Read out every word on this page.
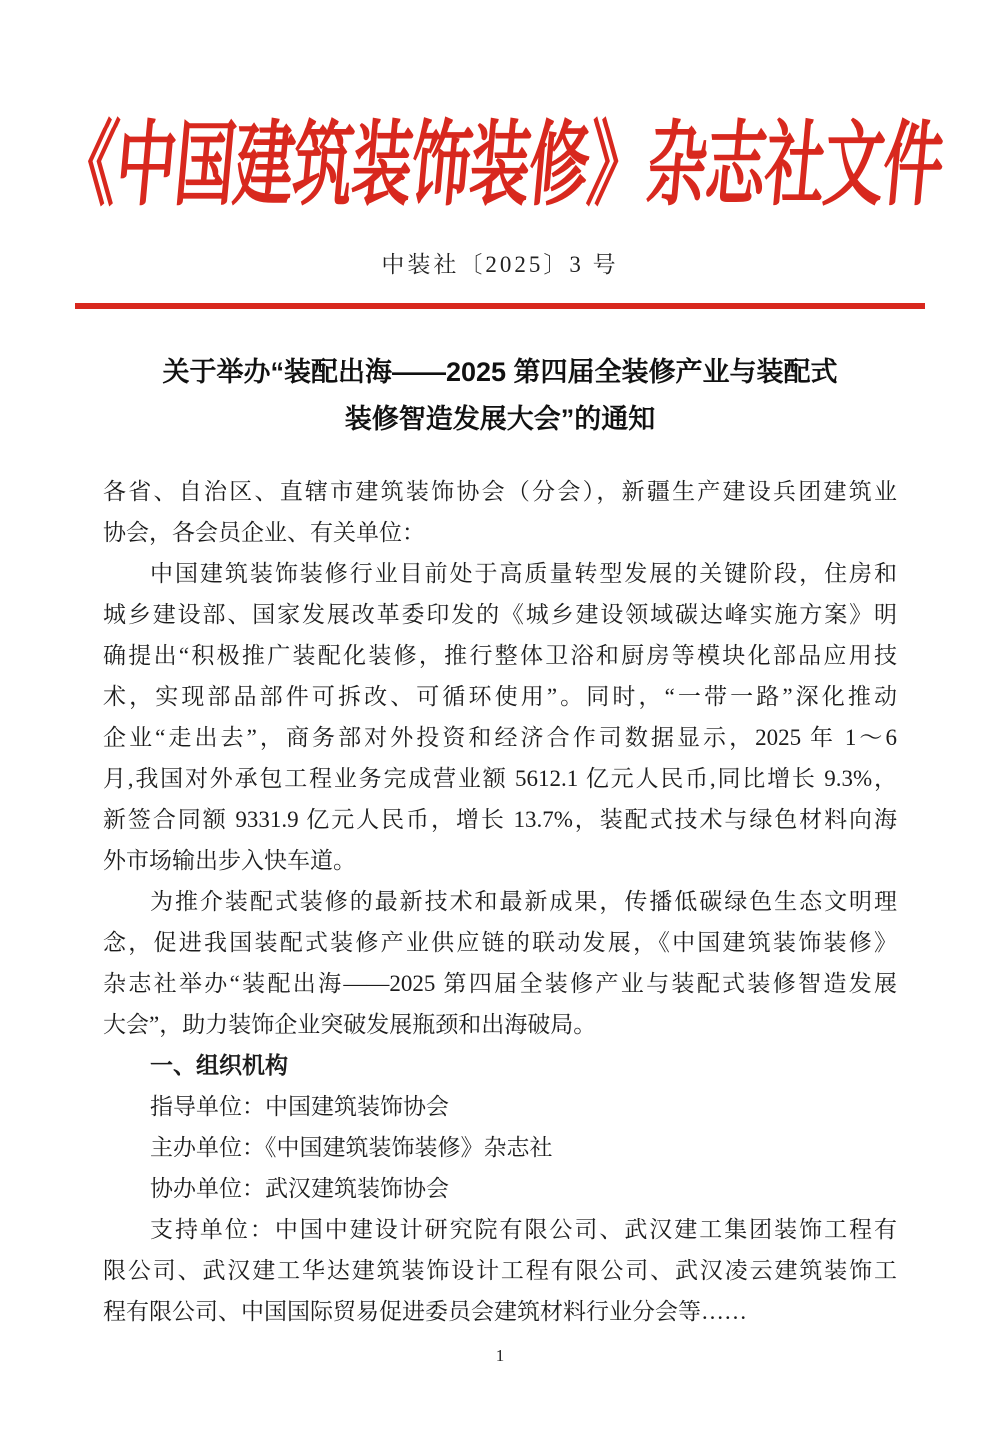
《中国建筑装饰装修》杂志社文件
中装社〔2025〕3 号
关于举办“装配出海——2025 第四届全装修产业与装配式
装修智造发展大会”的通知
各省、自治区、直辖市建筑装饰协会（分会），新疆生产建设兵团建筑业
协会，各会员企业、有关单位：
中国建筑装饰装修行业目前处于高质量转型发展的关键阶段，住房和
城乡建设部、国家发展改革委印发的《城乡建设领域碳达峰实施方案》明
确提出“积极推广装配化装修，推行整体卫浴和厨房等模块化部品应用技
术，实现部品部件可拆改、可循环使用”。同时，“一带一路”深化推动
企业“走出去”，商务部对外投资和经济合作司数据显示，2025 年 1～6
月,我国对外承包工程业务完成营业额 5612.1 亿元人民币,同比增长 9.3%，
新签合同额 9331.9 亿元人民币，增长 13.7%，装配式技术与绿色材料向海
外市场输出步入快车道。
为推介装配式装修的最新技术和最新成果，传播低碳绿色生态文明理
念，促进我国装配式装修产业供应链的联动发展，《中国建筑装饰装修》
杂志社举办“装配出海——2025 第四届全装修产业与装配式装修智造发展
大会”，助力装饰企业突破发展瓶颈和出海破局。
一、组织机构
指导单位：中国建筑装饰协会
主办单位：《中国建筑装饰装修》杂志社
协办单位：武汉建筑装饰协会
支持单位：中国中建设计研究院有限公司、武汉建工集团装饰工程有
限公司、武汉建工华达建筑装饰设计工程有限公司、武汉凌云建筑装饰工
程有限公司、中国国际贸易促进委员会建筑材料行业分会等……
1
